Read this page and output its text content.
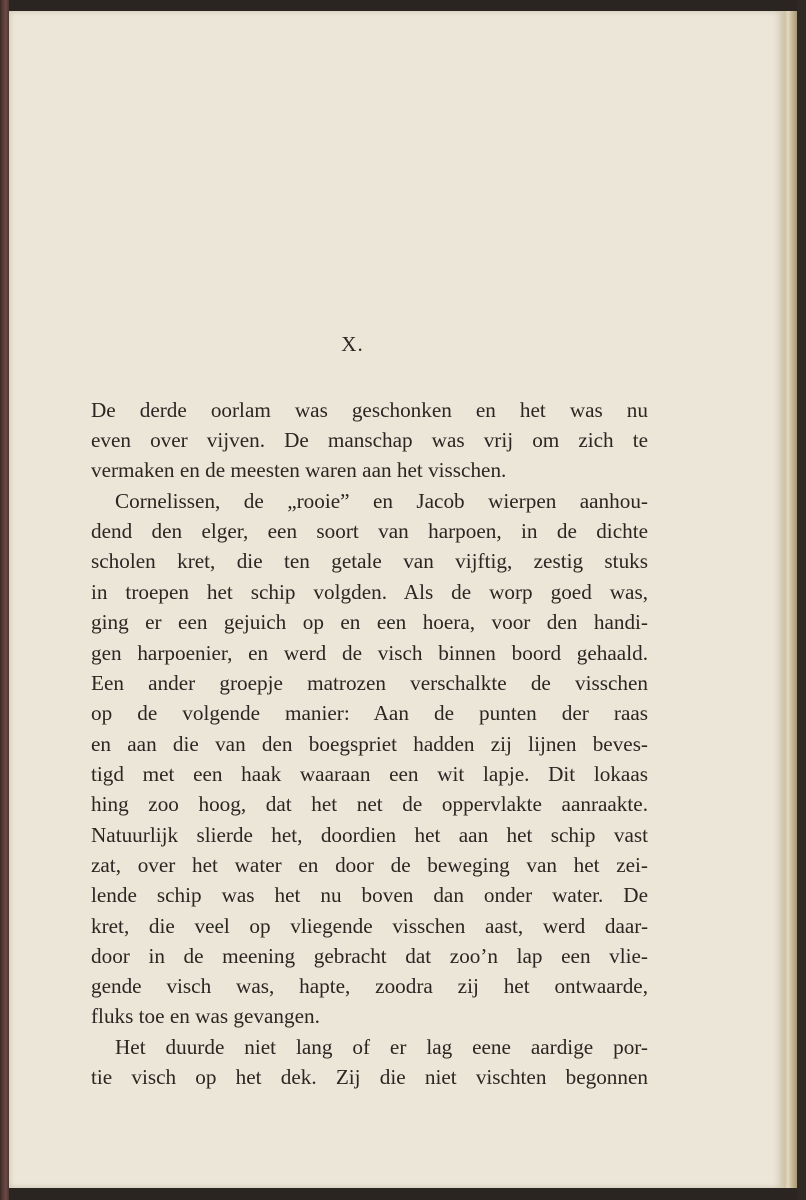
X.
De derde oorlam was geschonken en het was nu
even over vijven. De manschap was vrij om zich te
vermaken en de meesten waren aan het visschen.
Cornelissen, de „rooie” en Jacob wierpen aanhou-
dend den elger, een soort van harpoen, in de dichte
scholen kret, die ten getale van vijftig, zestig stuks
in troepen het schip volgden. Als de worp goed was,
ging er een gejuich op en een hoera, voor den handi-
gen harpoenier, en werd de visch binnen boord gehaald.
Een ander groepje matrozen verschalkte de visschen
op de volgende manier: Aan de punten der raas
en aan die van den boegspriet hadden zij lijnen beves-
tigd met een haak waaraan een wit lapje. Dit lokaas
hing zoo hoog, dat het net de oppervlakte aanraakte.
Natuurlijk slierde het, doordien het aan het schip vast
zat, over het water en door de beweging van het zei-
lende schip was het nu boven dan onder water. De
kret, die veel op vliegende visschen aast, werd daar-
door in de meening gebracht dat zoo’n lap een vlie-
gende visch was, hapte, zoodra zij het ontwaarde,
fluks toe en was gevangen.
Het duurde niet lang of er lag eene aardige por-
tie visch op het dek. Zij die niet vischten begonnen
